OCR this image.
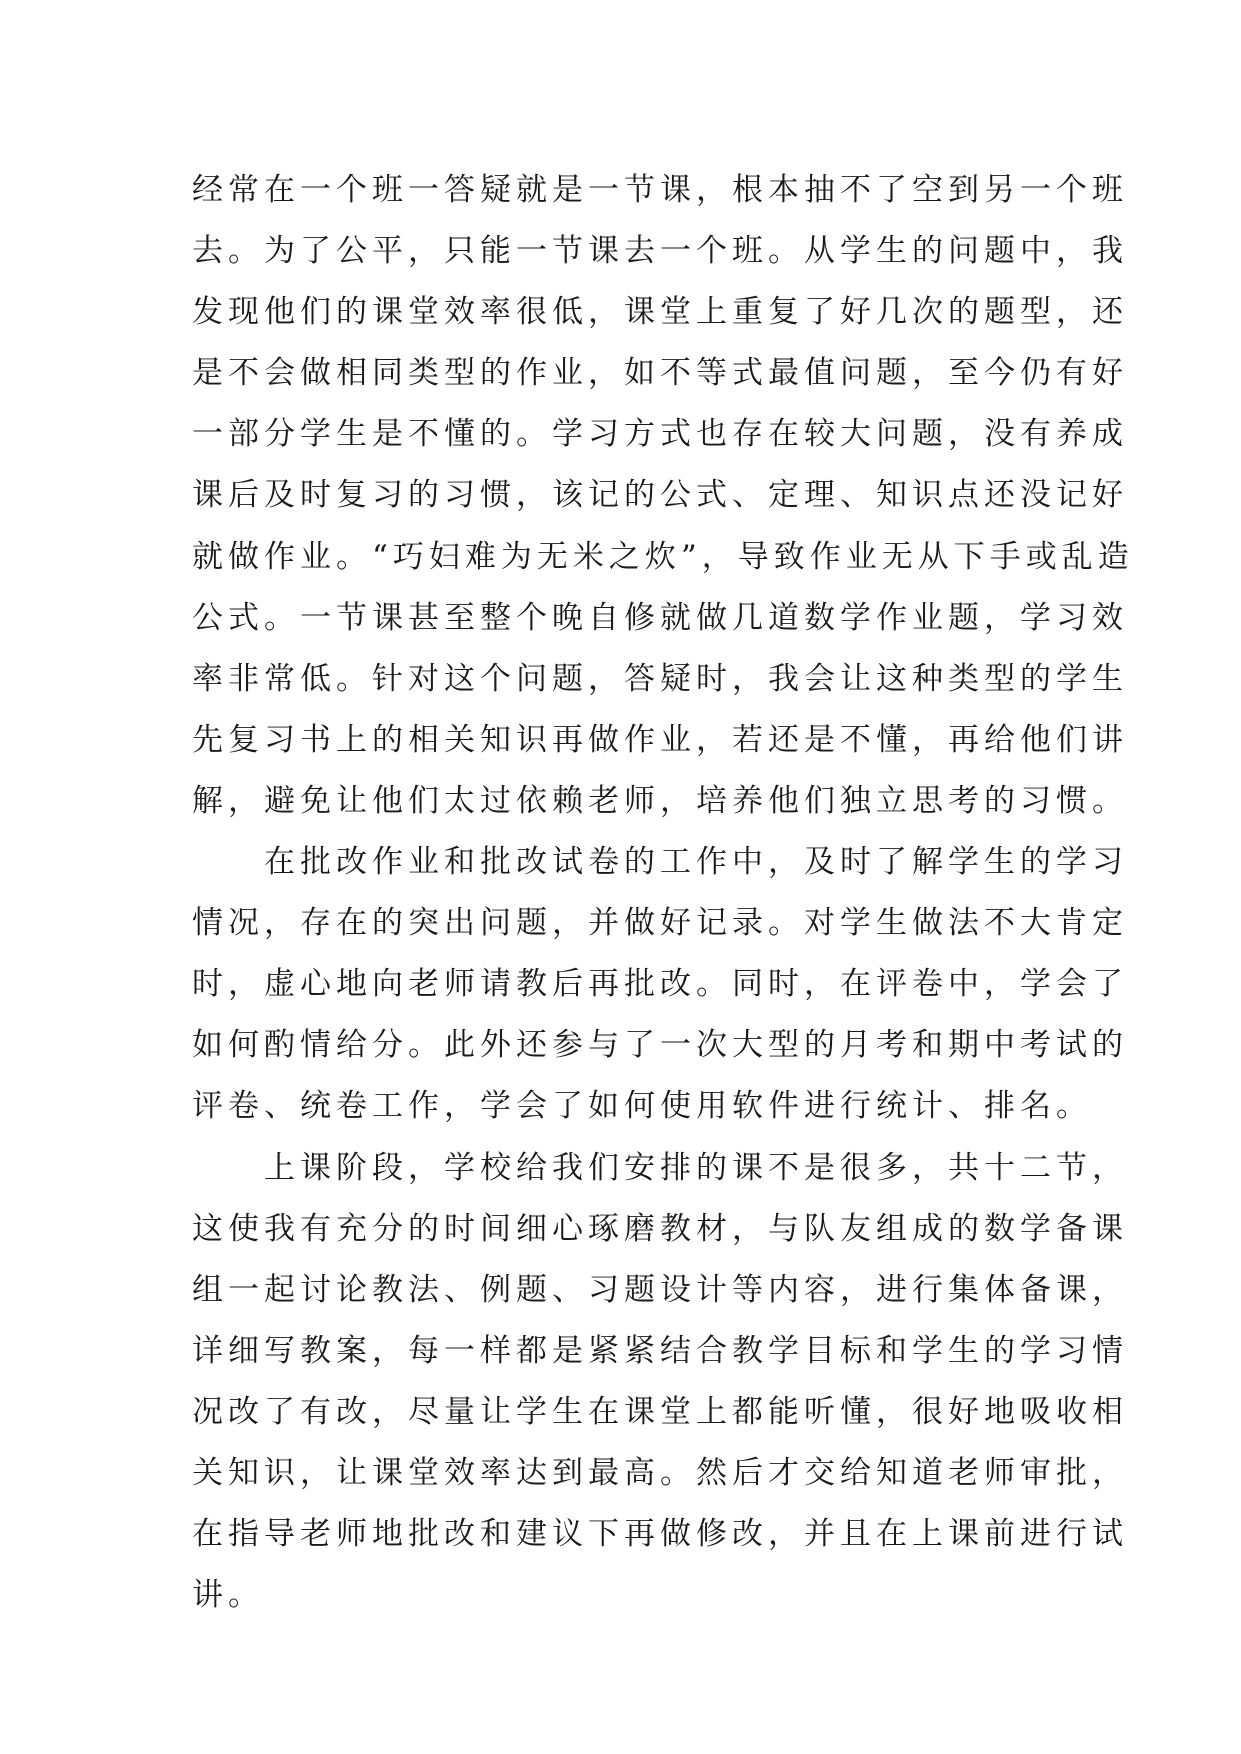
经常在一个班一答疑就是一节课，根本抽不了空到另一个班
去。为了公平，只能一节课去一个班。从学生的问题中，我
发现他们的课堂效率很低，课堂上重复了好几次的题型，还
是不会做相同类型的作业，如不等式最值问题，至今仍有好
一部分学生是不懂的。学习方式也存在较大问题，没有养成
课后及时复习的习惯，该记的公式、定理、知识点还没记好
就做作业。“巧妇难为无米之炊”，导致作业无从下手或乱造
公式。一节课甚至整个晚自修就做几道数学作业题，学习效
率非常低。针对这个问题，答疑时，我会让这种类型的学生
先复习书上的相关知识再做作业，若还是不懂，再给他们讲
解，避免让他们太过依赖老师，培养他们独立思考的习惯。
　　在批改作业和批改试卷的工作中，及时了解学生的学习
情况，存在的突出问题，并做好记录。对学生做法不大肯定
时，虚心地向老师请教后再批改。同时，在评卷中，学会了
如何酌情给分。此外还参与了一次大型的月考和期中考试的
评卷、统卷工作，学会了如何使用软件进行统计、排名。
　　上课阶段，学校给我们安排的课不是很多，共十二节，
这使我有充分的时间细心琢磨教材，与队友组成的数学备课
组一起讨论教法、例题、习题设计等内容，进行集体备课，
详细写教案，每一样都是紧紧结合教学目标和学生的学习情
况改了有改，尽量让学生在课堂上都能听懂，很好地吸收相
关知识，让课堂效率达到最高。然后才交给知道老师审批，
在指导老师地批改和建议下再做修改，并且在上课前进行试
讲。
